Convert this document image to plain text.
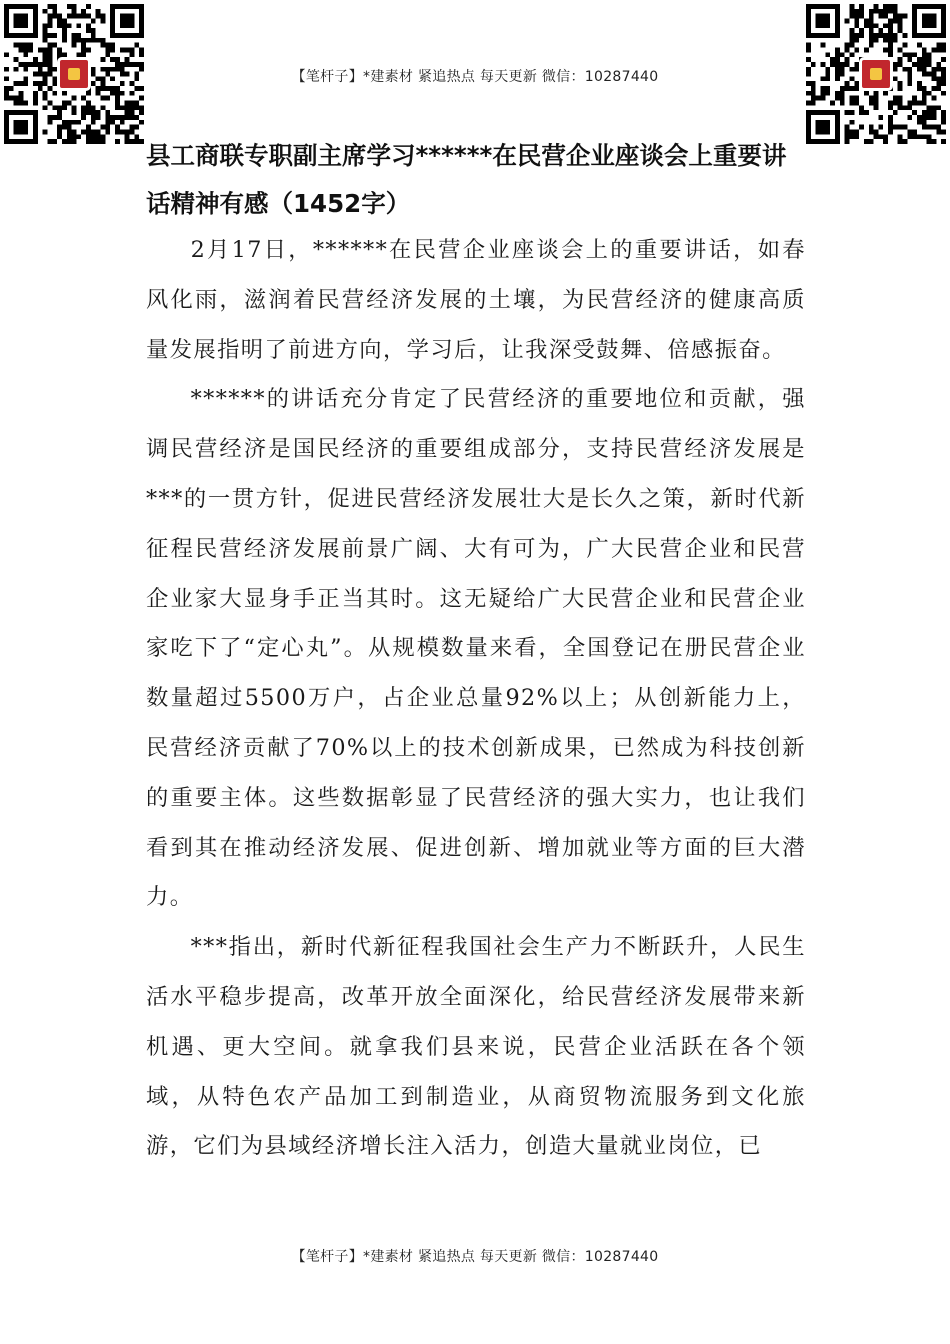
【笔杆子】*建素材 紧追热点 每天更新 微信：10287440
县工商联专职副主席学习******在民营企业座谈会上重要讲话精神有感（1452字）

2月17日，******在民营企业座谈会上的重要讲话，如春风化雨，滋润着民营经济发展的土壤，为民营经济的健康高质量发展指明了前进方向，学习后，让我深受鼓舞、倍感振奋。

******的讲话充分肯定了民营经济的重要地位和贡献，强调民营经济是国民经济的重要组成部分，支持民营经济发展是***的一贯方针，促进民营经济发展壮大是长久之策，新时代新征程民营经济发展前景广阔、大有可为，广大民营企业和民营企业家大显身手正当其时。这无疑给广大民营企业和民营企业家吃下了“定心丸”。从规模数量来看，全国登记在册民营企业数量超过5500万户，占企业总量92%以上；从创新能力上，民营经济贡献了70%以上的技术创新成果，已然成为科技创新的重要主体。这些数据彰显了民营经济的强大实力，也让我们看到其在推动经济发展、促进创新、增加就业等方面的巨大潜力。

***指出，新时代新征程我国社会生产力不断跃升，人民生活水平稳步提高，改革开放全面深化，给民营经济发展带来新机遇、更大空间。就拿我们县来说，民营企业活跃在各个领域，从特色农产品加工到制造业，从商贸物流服务到文化旅游，它们为县域经济增长注入活力，创造大量就业岗位，已

【笔杆子】*建素材 紧追热点 每天更新 微信：10287440
